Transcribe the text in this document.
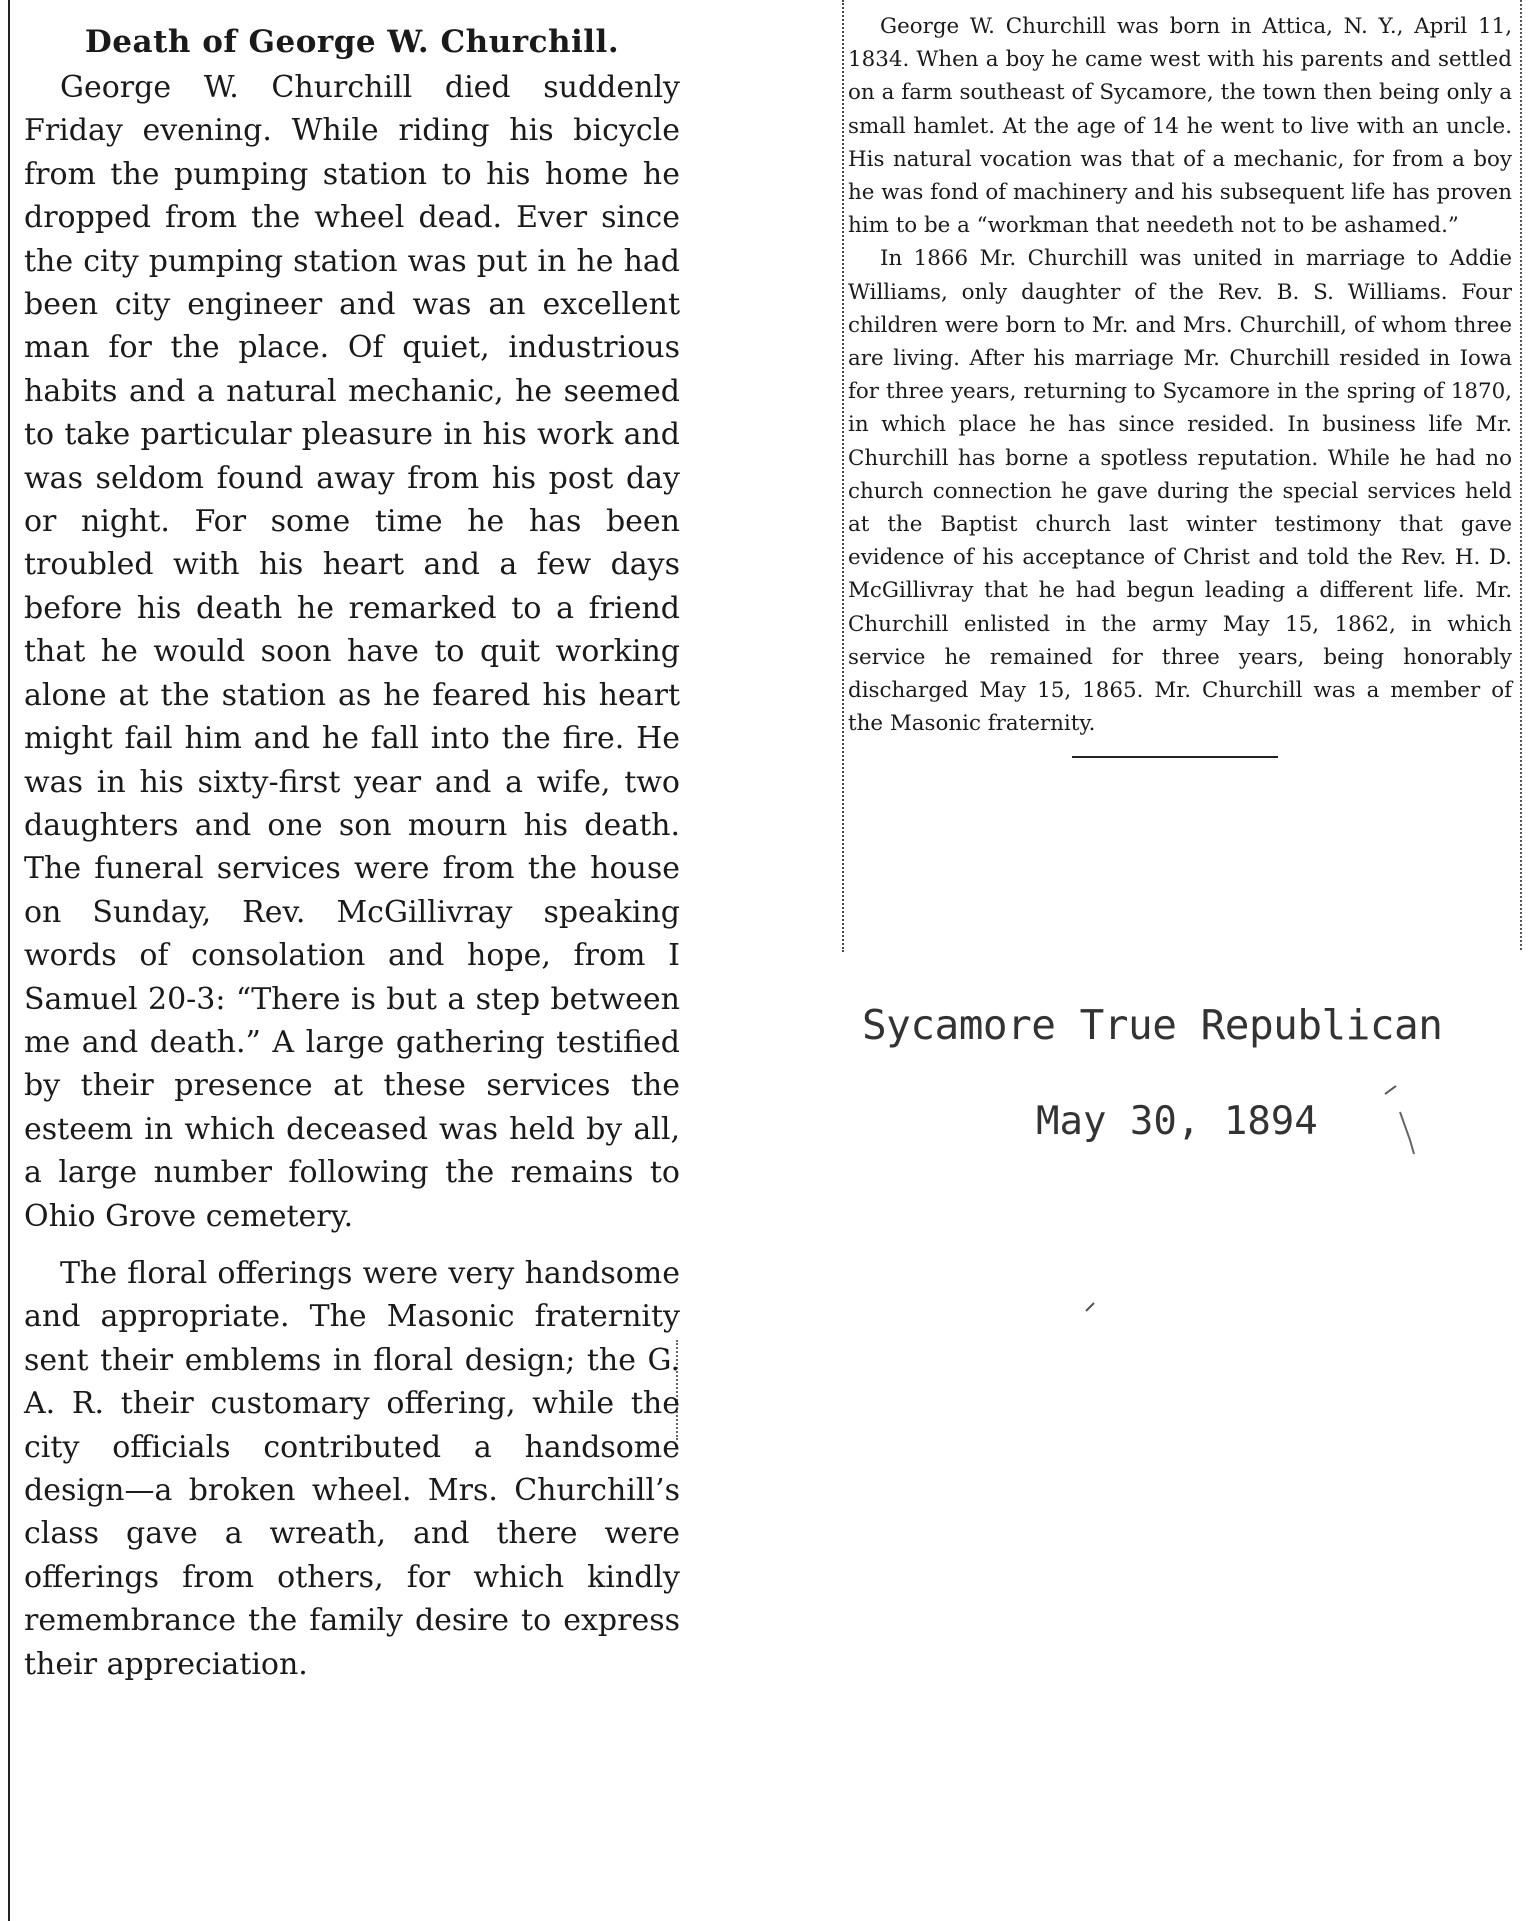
Death of George W. Churchill.

George W. Churchill died suddenly Friday evening. While riding his bicycle from the pumping station to his home he dropped from the wheel dead. Ever since the city pumping station was put in he had been city engineer and was an excellent man for the place. Of quiet, industrious habits and a natural mechanic, he seemed to take particular pleasure in his work and was seldom found away from his post day or night. For some time he has been troubled with his heart and a few days before his death he remarked to a friend that he would soon have to quit working alone at the station as he feared his heart might fail him and he fall into the fire. He was in his sixty-first year and a wife, two daughters and one son mourn his death. The funeral services were from the house on Sunday, Rev. McGillivray speaking words of consolation and hope, from I Samuel 20-3: “There is but a step between me and death.” A large gathering testified by their presence at these services the esteem in which deceased was held by all, a large number following the remains to Ohio Grove cemetery.

The floral offerings were very handsome and appropriate. The Masonic fraternity sent their emblems in floral design; the G. A. R. their customary offering, while the city officials contributed a handsome design—a broken wheel. Mrs. Churchill’s class gave a wreath, and there were offerings from others, for which kindly remembrance the family desire to express their appreciation.

George W. Churchill was born in Attica, N. Y., April 11, 1834. When a boy he came west with his parents and settled on a farm southeast of Sycamore, the town then being only a small hamlet. At the age of 14 he went to live with an uncle. His natural vocation was that of a mechanic, for from a boy he was fond of machinery and his subsequent life has proven him to be a “workman that needeth not to be ashamed.”

In 1866 Mr. Churchill was united in marriage to Addie Williams, only daughter of the Rev. B. S. Williams. Four children were born to Mr. and Mrs. Churchill, of whom three are living. After his marriage Mr. Churchill resided in Iowa for three years, returning to Sycamore in the spring of 1870, in which place he has since resided. In business life Mr. Churchill has borne a spotless reputation. While he had no church connection he gave during the special services held at the Baptist church last winter testimony that gave evidence of his acceptance of Christ and told the Rev. H. D. McGillivray that he had begun leading a different life. Mr. Churchill enlisted in the army May 15, 1862, in which service he remained for three years, being honorably discharged May 15, 1865. Mr. Churchill was a member of the Masonic fraternity.

Sycamore True Republican
May 30, 1894
